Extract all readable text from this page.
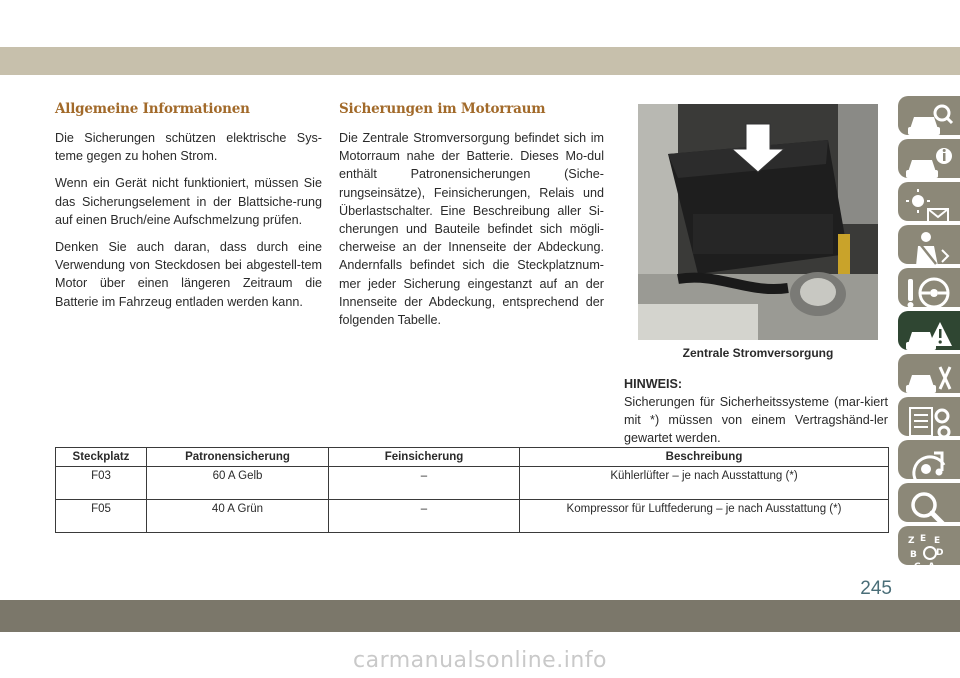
Allgemeine Informationen

Die Sicherungen schützen elektrische Sys-teme gegen zu hohen Strom.

Wenn ein Gerät nicht funktioniert, müssen Sie das Sicherungselement in der Blattsiche-rung auf einen Bruch/eine Aufschmelzung prüfen.

Denken Sie auch daran, dass durch eine Verwendung von Steckdosen bei abgestell-tem Motor über einen längeren Zeitraum die Batterie im Fahrzeug entladen werden kann.

Sicherungen im Motorraum

Die Zentrale Stromversorgung befindet sich im Motorraum nahe der Batterie. Dieses Mo-dul enthält Patronensicherungen (Siche-rungseinsätze), Feinsicherungen, Relais und Überlastschalter. Eine Beschreibung aller Si-cherungen und Bauteile befindet sich mögli-cherweise an der Innenseite der Abdeckung. Andernfalls befindet sich die Steckplatznum-mer jeder Sicherung eingestanzt auf an der Innenseite der Abdeckung, entsprechend der folgenden Tabelle.

Zentrale Stromversorgung
HINWEIS:

Sicherungen für Sicherheitssysteme (mar-kiert mit *) müssen von einem Vertragshänd-ler gewartet werden.

Steckplatz	Patronensicherung	Feinsicherung	Beschreibung
F03	60 A Gelb	–	Kühlerlüfter – je nach Ausstattung (*)
F05	40 A Grün	–	Kompressor für Luftfederung – je nach Ausstattung (*)
Z E E
B D
C A
245
carmanualsonline.info
